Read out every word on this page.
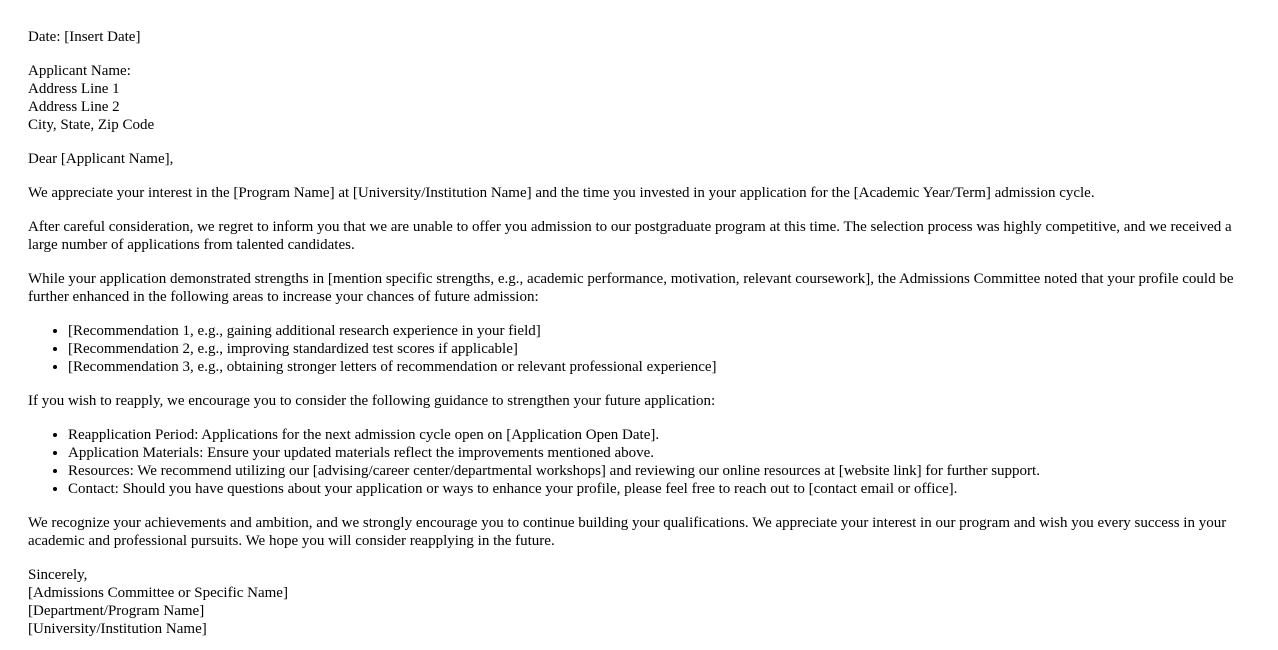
Date: [Insert Date]

Applicant Name:
Address Line 1
Address Line 2
City, State, Zip Code

Dear [Applicant Name],

We appreciate your interest in the [Program Name] at [University/Institution Name] and the time you invested in your application for the [Academic Year/Term] admission cycle.

After careful consideration, we regret to inform you that we are unable to offer you admission to our postgraduate program at this time. The selection process was highly competitive, and we received a large number of applications from talented candidates.

While your application demonstrated strengths in [mention specific strengths, e.g., academic performance, motivation, relevant coursework], the Admissions Committee noted that your profile could be further enhanced in the following areas to increase your chances of future admission:

• [Recommendation 1, e.g., gaining additional research experience in your field]
• [Recommendation 2, e.g., improving standardized test scores if applicable]
• [Recommendation 3, e.g., obtaining stronger letters of recommendation or relevant professional experience]

If you wish to reapply, we encourage you to consider the following guidance to strengthen your future application:

• Reapplication Period: Applications for the next admission cycle open on [Application Open Date].
• Application Materials: Ensure your updated materials reflect the improvements mentioned above.
• Resources: We recommend utilizing our [advising/career center/departmental workshops] and reviewing our online resources at [website link] for further support.
• Contact: Should you have questions about your application or ways to enhance your profile, please feel free to reach out to [contact email or office].

We recognize your achievements and ambition, and we strongly encourage you to continue building your qualifications. We appreciate your interest in our program and wish you every success in your academic and professional pursuits. We hope you will consider reapplying in the future.

Sincerely,
[Admissions Committee or Specific Name]
[Department/Program Name]
[University/Institution Name]
